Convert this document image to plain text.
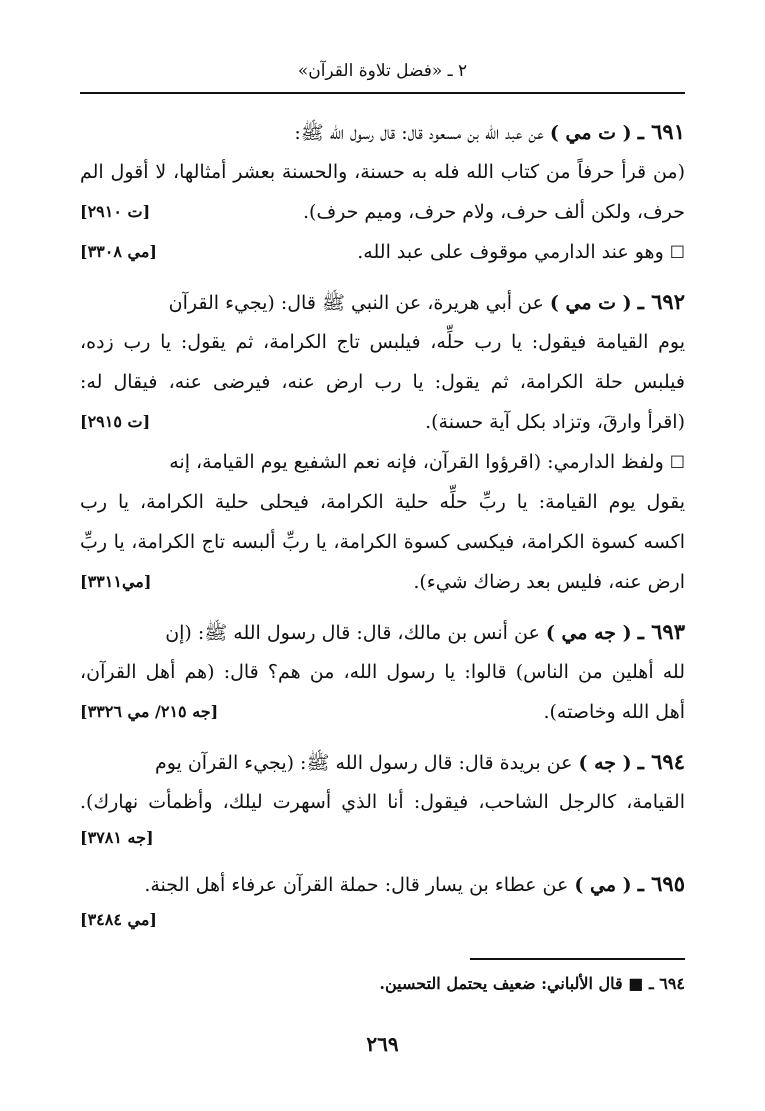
٢ ـ «فضل تلاوة القرآن»
٦٩١ ـ ( ت مي ) عن عبد الله بن مسعود قال: قال رسول الله ﷺ:
(من قرأ حرفاً من كتاب الله فله به حسنة، والحسنة بعشر أمثالها، لا أقول الم
حرف، ولكن ألف حرف، ولام حرف، وميم حرف).
[ت ٢٩١٠]
☐وهو عند الدارمي موقوف على عبد الله.
[مي ٣٣٠٨]
٦٩٢ ـ ( ت مي ) عن أبي هريرة، عن النبي ﷺ قال: (يجيء القرآن
يوم القيامة فيقول: يا رب حلِّه، فيلبس تاج الكرامة، ثم يقول: يا رب زده،
فيلبس حلة الكرامة، ثم يقول: يا رب ارض عنه، فيرضى عنه، فيقال له:
(اقرأ وارقَ، وتزاد بكل آية حسنة).
[ت ٢٩١٥]
☐ولفظ الدارمي: (اقرؤوا القرآن، فإنه نعم الشفيع يوم القيامة، إنه
يقول يوم القيامة: يا ربِّ حلِّه حلية الكرامة، فيحلى حلية الكرامة، يا رب
اكسه كسوة الكرامة، فيكسى كسوة الكرامة، يا ربِّ ألبسه تاج الكرامة، يا ربِّ
ارض عنه، فليس بعد رضاك شيء).
[مي٣٣١١]
٦٩٣ ـ ( جه مي ) عن أنس بن مالك، قال: قال رسول الله ﷺ: (إن
لله أهلين من الناس) قالوا: يا رسول الله، من هم؟ قال: (هم أهل القرآن،
أهل الله وخاصته).
[جه ٢١٥/ مي ٣٣٢٦]
٦٩٤ ـ ( جه ) عن بريدة قال: قال رسول الله ﷺ: (يجيء القرآن يوم
القيامة، كالرجل الشاحب، فيقول: أنا الذي أسهرت ليلك، وأظمأت نهارك).
[جه ٣٧٨١]
٦٩٥ ـ ( مي ) عن عطاء بن يسار قال: حملة القرآن عرفاء أهل الجنة.
[مي ٣٤٨٤]
٦٩٤ ـ ■ قال الألباني: ضعيف يحتمل التحسين.
٢٦٩
